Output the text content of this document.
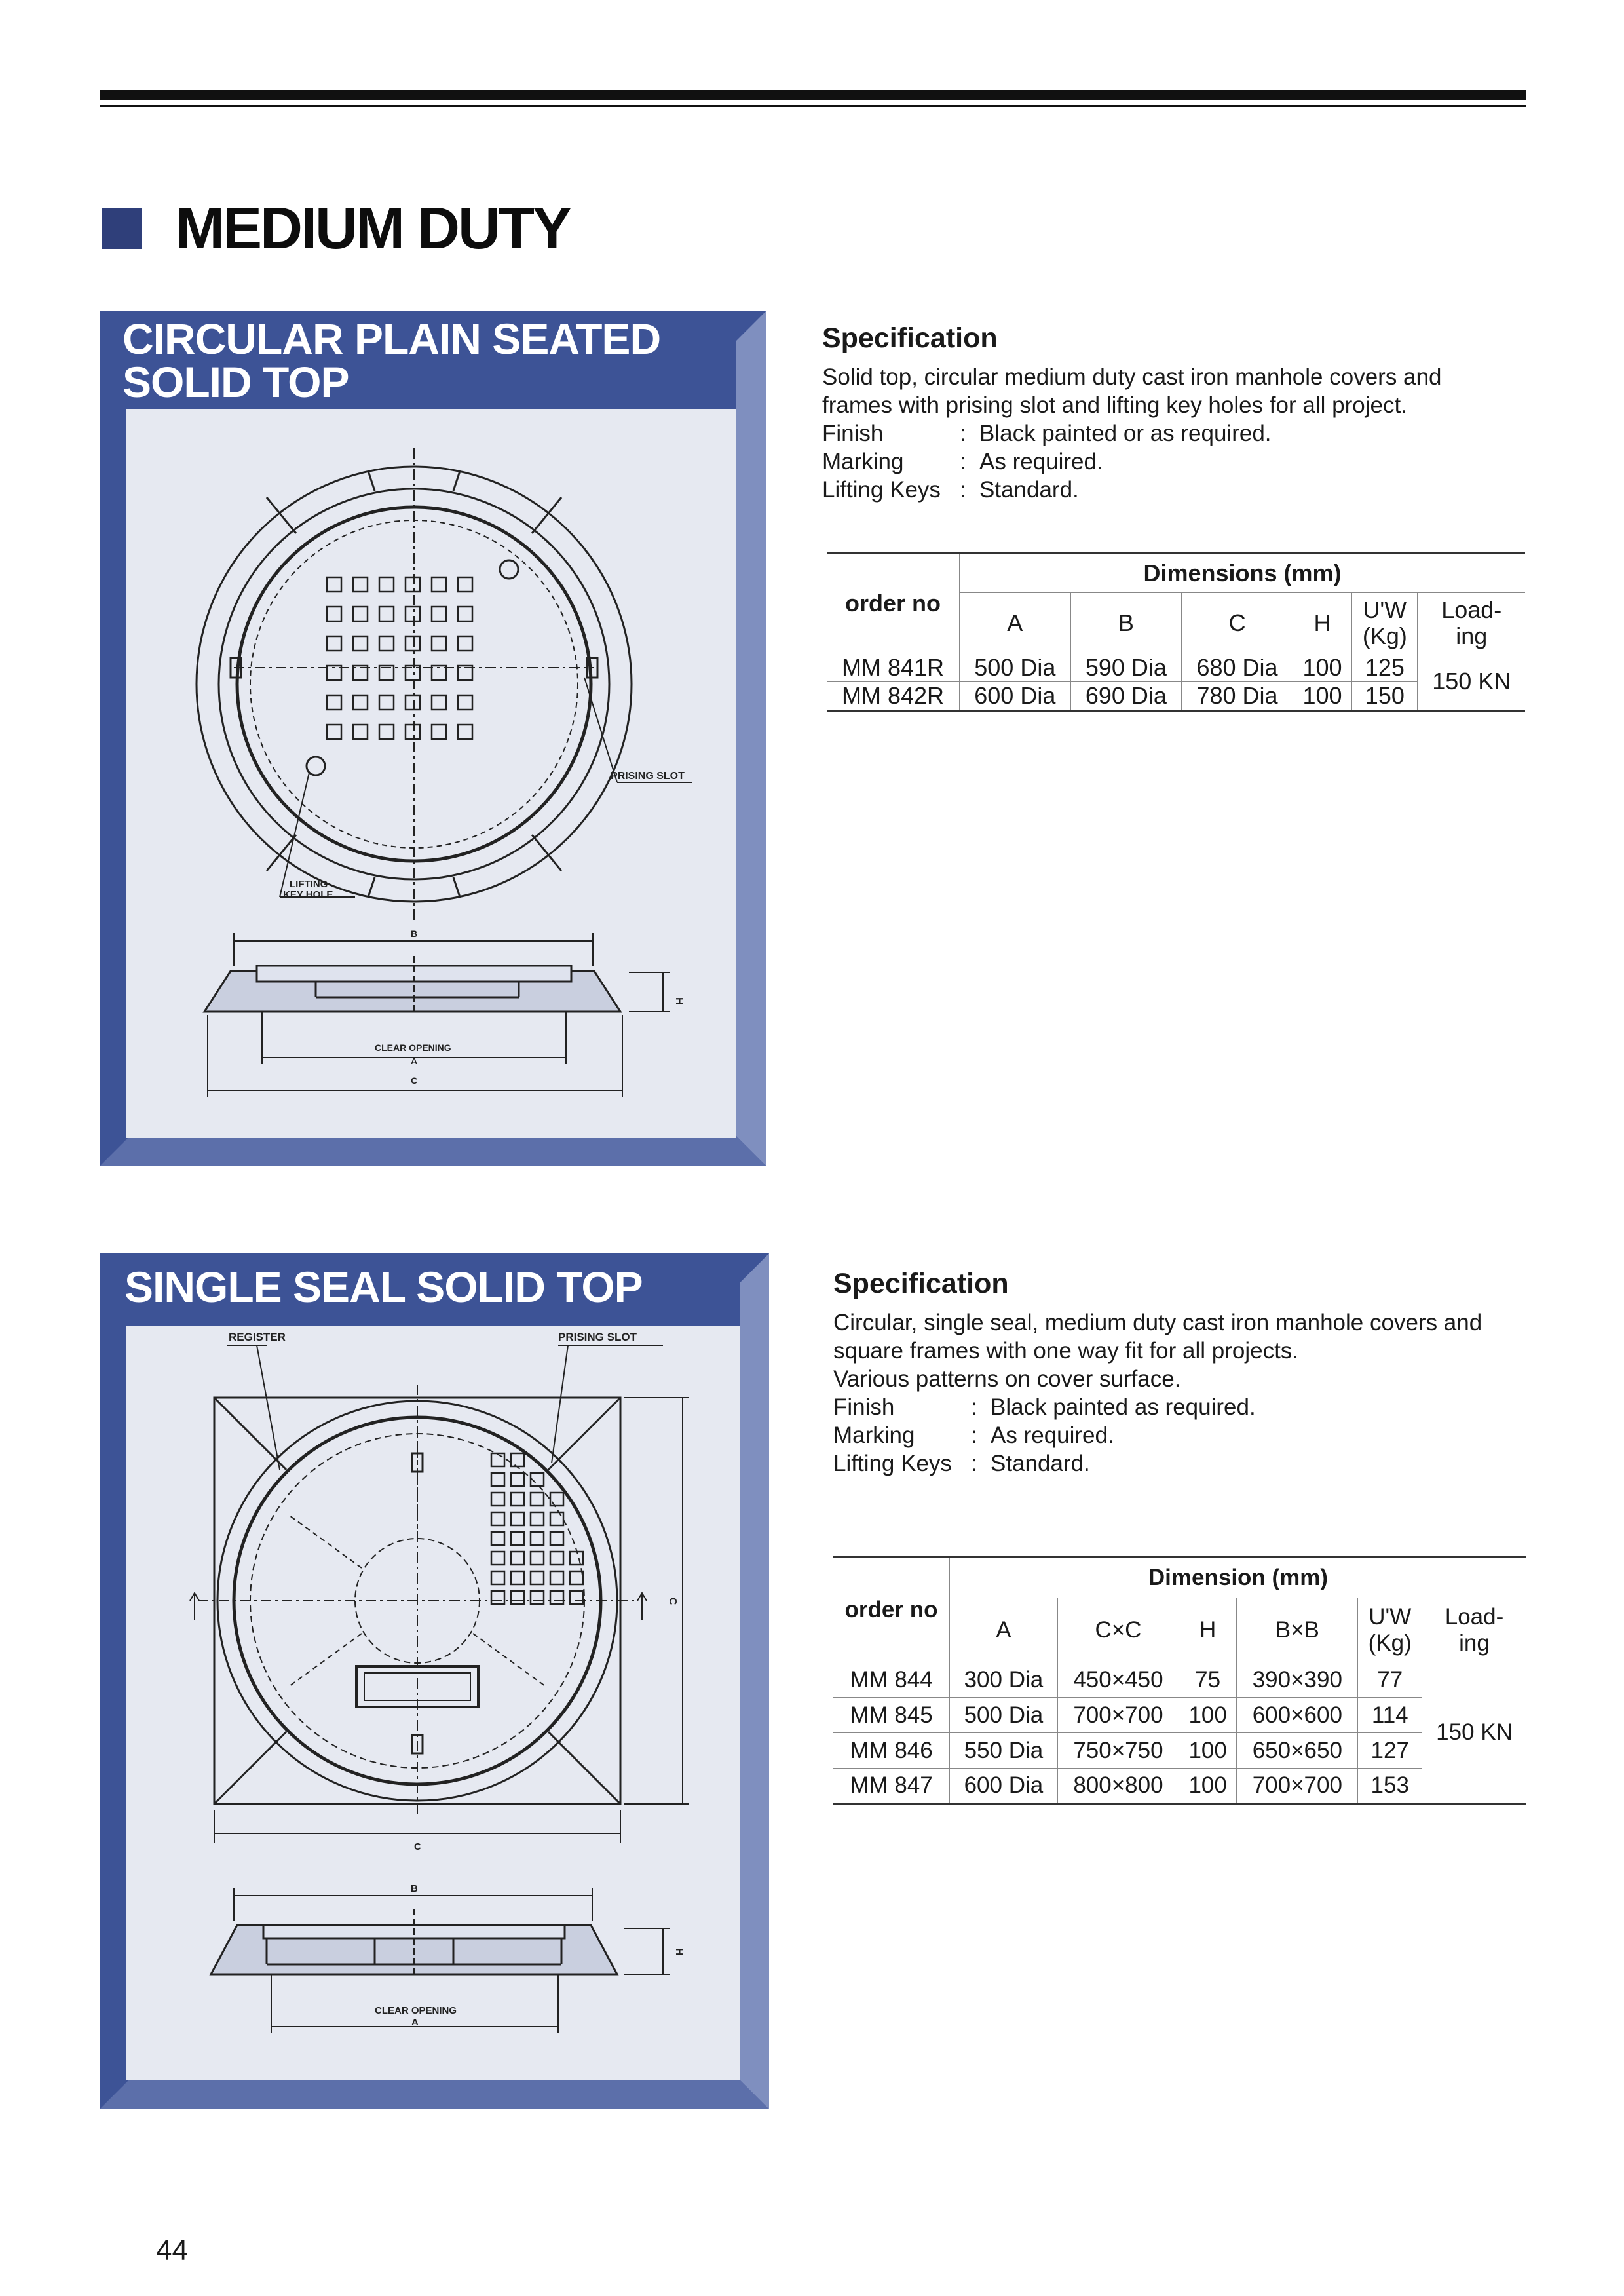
MEDIUM DUTY
PRISING SLOT
LIFTING KEY HOLE
B
H
CLEAR OPENING
A
C
CIRCULAR PLAIN SEATED
SOLID TOP
Specification

Solid top, circular medium duty cast iron manhole covers and frames with prising slot and lifting key holes for all project.

Finish	: Black painted or as required.
Marking	: As required.
Lifting Keys : Standard.
order no	Dimensions (mm)					
	A	B	C	H	U'W
(Kg)	Load-
ing
MM 841R	500 Dia	590 Dia	680 Dia	100	125	150 KN
MM 842R	600 Dia	690 Dia	780 Dia	100	150	
REGISTER	PRISING SLOT
C
C
B
H
CLEAR OPENING
A
SINGLE SEAL SOLID TOP	Specification

Circular, single seal, medium duty cast iron manhole covers and square frames with one way fit for all projects.

Various patterns on cover surface.

Finish	: Black painted as required.
Marking	: As required.
Lifting Keys : Standard.
order no	Dimension (mm)					
	A	C×C	H	B×B	U'W
(Kg)	Load-
ing
MM 844	300 Dia	450×450	75	390×390	77	150 KN
MM 845	500 Dia	700×700	100	600×600	114	
MM 846	550 Dia	750×750	100	650×650	127	
MM 847	600 Dia	800×800	100	700×700	153	
44
